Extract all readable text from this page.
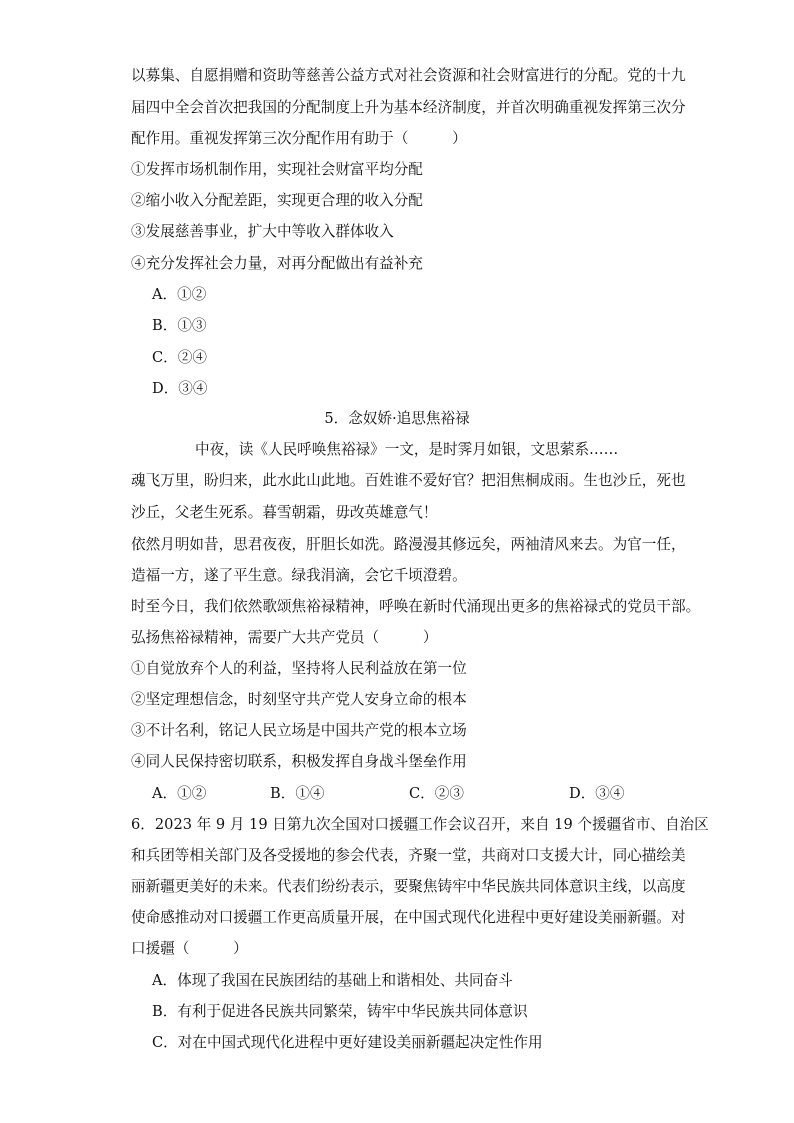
以募集、自愿捐赠和资助等慈善公益方式对社会资源和社会财富进行的分配。党的十九
届四中全会首次把我国的分配制度上升为基本经济制度，并首次明确重视发挥第三次分
配作用。重视发挥第三次分配作用有助于（　　　）
①发挥市场机制作用，实现社会财富平均分配
②缩小收入分配差距，实现更合理的收入分配
③发展慈善事业，扩大中等收入群体收入
④充分发挥社会力量，对再分配做出有益补充
A．①②
B．①③
C．②④
D．③④
5．念奴娇·追思焦裕禄
中夜，读《人民呼唤焦裕禄》一文，是时霁月如银，文思萦系……
魂飞万里，盼归来，此水此山此地。百姓谁不爱好官？把泪焦桐成雨。生也沙丘，死也
沙丘，父老生死系。暮雪朝霜，毋改英雄意气！
依然月明如昔，思君夜夜，肝胆长如洗。路漫漫其修远矣，两袖清风来去。为官一任，
造福一方，遂了平生意。绿我涓滴，会它千顷澄碧。
时至今日，我们依然歌颂焦裕禄精神，呼唤在新时代涌现出更多的焦裕禄式的党员干部。
弘扬焦裕禄精神，需要广大共产党员（　　　）
①自觉放弃个人的利益，坚持将人民利益放在第一位
②坚定理想信念，时刻坚守共产党人安身立命的根本
③不计名利，铭记人民立场是中国共产党的根本立场
④同人民保持密切联系，积极发挥自身战斗堡垒作用
A．①②	B．①④	C．②③	D．③④
6．2023 年 9 月 19 日第九次全国对口援疆工作会议召开，来自 19 个援疆省市、自治区
和兵团等相关部门及各受援地的参会代表，齐聚一堂，共商对口支援大计，同心描绘美
丽新疆更美好的未来。代表们纷纷表示，要聚焦铸牢中华民族共同体意识主线，以高度
使命感推动对口援疆工作更高质量开展，在中国式现代化进程中更好建设美丽新疆。对
口援疆（　　　）
A．体现了我国在民族团结的基础上和谐相处、共同奋斗
B．有利于促进各民族共同繁荣，铸牢中华民族共同体意识
C．对在中国式现代化进程中更好建设美丽新疆起决定性作用
